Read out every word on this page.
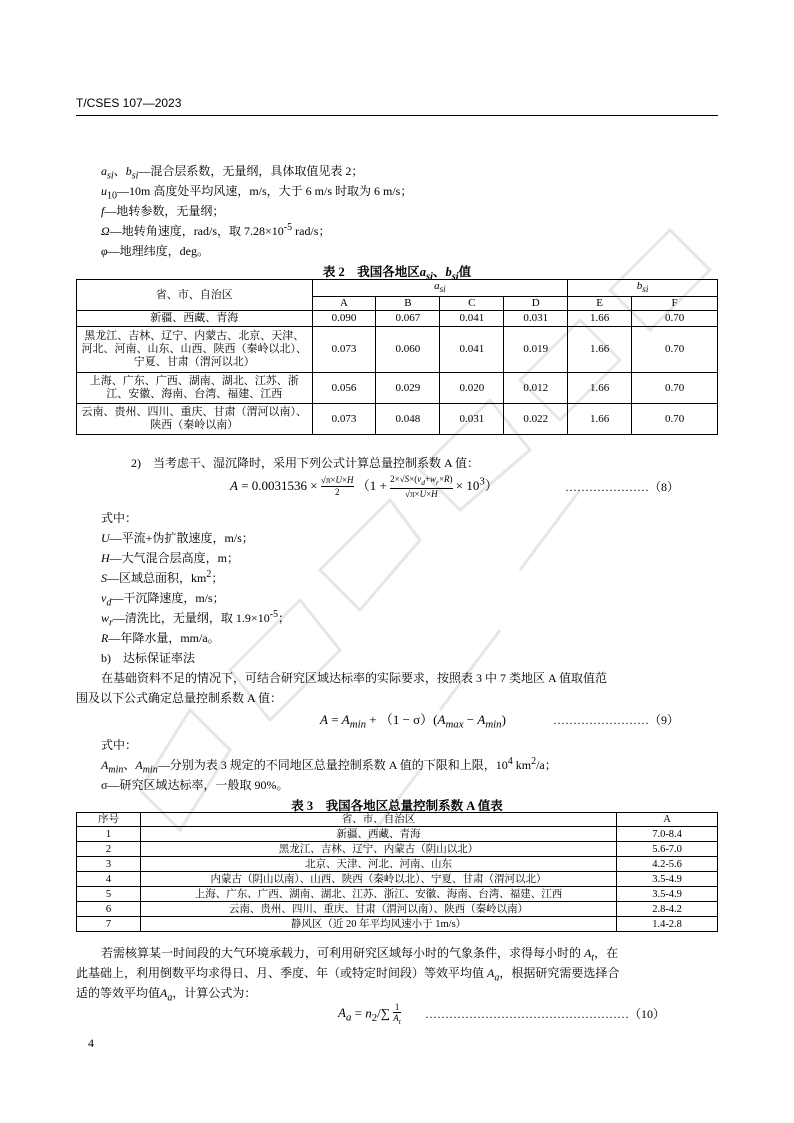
T/CSES 107—2023
$a_{si}$、$b_{si}—$混合层系数，无量纲，具体取值见表 2；
$u_{10}—10m$ 高度处平均风速，m/s，大于 6 m/s 时取为 6 m/s；
f—地转参数，无量纲；
Ω—地转角速度，rad/s，取 $7.28\times 10^{-5}$ rad/s；
φ—地理纬度，deg。
表 2　我国各地区$a_{si}$、$b_{si}$值
省、市、自治区	$a_{si}$				$b_{si}$
	A	B	C	D	E	F
新疆、西藏、青海	0.090	0.067	0.041	0.031	1.66	0.70
黑龙江、吉林、辽宁、内蒙古、北京、天津、河北、河南、山东、山西、陕西（秦岭以北）、宁夏、甘肃（渭河以北）	0.073	0.060	0.041	0.019	1.66	0.70
上海、广东、广西、湖南、湖北、江苏、浙江、安徽、海南、台湾、福建、江西	0.056	0.029	0.020	0.012	1.66	0.70
云南、贵州、四川、重庆、甘肃（渭河以南）、陕西（秦岭以南）	0.073	0.048	0.031	0.022	1.66	0.70
2)　当考虑干、湿沉降时，采用下列公式计算总量控制系数 A 值：
$A = 0.0031536 \times \frac{√\pi\times U\times H}{2} (1 + \frac{2\times√S\times(v_d+w_r\times R)}{√\pi\times U\times H} \times 10^3)$	…………………（8）
式中：
U—平流+伪扩散速度，m/s；
H—大气混合层高度，m；
S—区域总面积，$km^2$；
$v_d—$干沉降速度，m/s；
$w_r—$清洗比，无量纲，取 $1.9\times 10^{-5}$；
R—年降水量，mm/a。
b)　达标保证率法
在基础资料不足的情况下，可结合研究区域达标率的实际要求，按照表 3 中 7 类地区 A 值取值范
围及以下公式确定总量控制系数 A 值：
$A = A_{min} + (1 - \sigma)(A_{max} - A_{min})$	……………………（9）
式中：
$A_{min}$、$A_{min}—$分别为表 3 规定的不同地区总量控制系数 A 值的下限和上限，$10^4$ $km^2/a$；
σ—研究区域达标率，一般取 90%。
表 3　我国各地区总量控制系数 A 值表
序号	省、市、自治区	A
1	新疆、西藏、青海	7.0-8.4
2	黑龙江、吉林、辽宁、内蒙古（阴山以北）	5.6-7.0
3	北京、天津、河北、河南、山东	4.2-5.6
4	内蒙古（阴山以南）、山西、陕西（秦岭以北）、宁夏、甘肃（渭河以北）	3.5-4.9
5	上海、广东、广西、湖南、湖北、江苏、浙江、安徽、海南、台湾、福建、江西	3.5-4.9
6	云南、贵州、四川、重庆、甘肃（渭河以南）、陕西（秦岭以南）	2.8-4.2
7	静风区（近 20 年平均风速小于 1m/s）	1.4-2.8
若需核算某一时间段的大气环境承载力，可利用研究区域每小时的气象条件，求得每小时的 $A_t$，在
此基础上，利用倒数平均求得日、月、季度、年（或特定时间段）等效平均值 $A_a$，根据研究需要选择合
适的等效平均值$A_a$，计算公式为：
$A_a = n_2/\sum \frac{1}{A_t}$ ……………………………………………（10）
4
